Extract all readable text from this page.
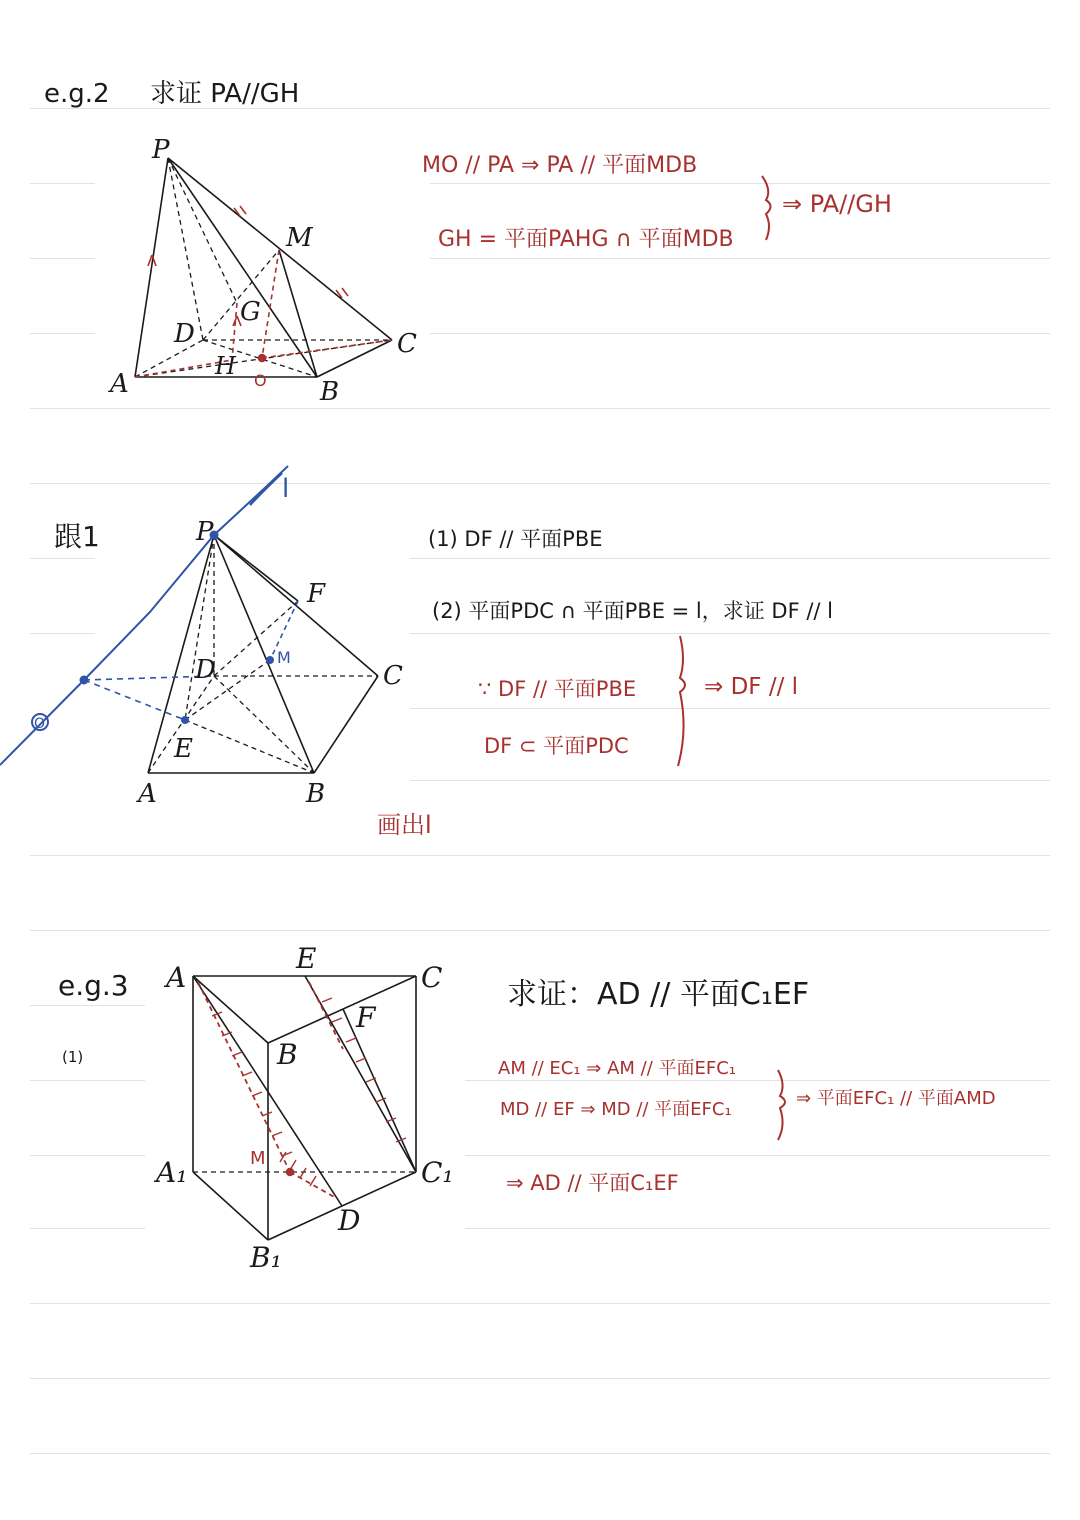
e.g.2 求证 PA//GH
P
M
G
D
H
C
A	B
O
MO // PA ⇒ PA // 平面MDB
GH = 平面PAHG ∩ 平面MDB
⇒ PA//GH
跟1
l
P
F
D	M
C
E
A	B
O
(1) DF // 平面PBE
(2) 平面PDC ∩ 平面PBE = l，求证 DF // l
∵ DF // 平面PBE
DF ⊂ 平面PDC
⇒ DF // l
画出l
e.g.3
(1)
A
E
C
F
B
M
A₁	C₁
D
B₁
求证：AD // 平面C₁EF
AM // EC₁ ⇒ AM // 平面EFC₁
MD // EF ⇒ MD // 平面EFC₁
⇒ 平面EFC₁ // 平面AMD
⇒ AD // 平面C₁EF
